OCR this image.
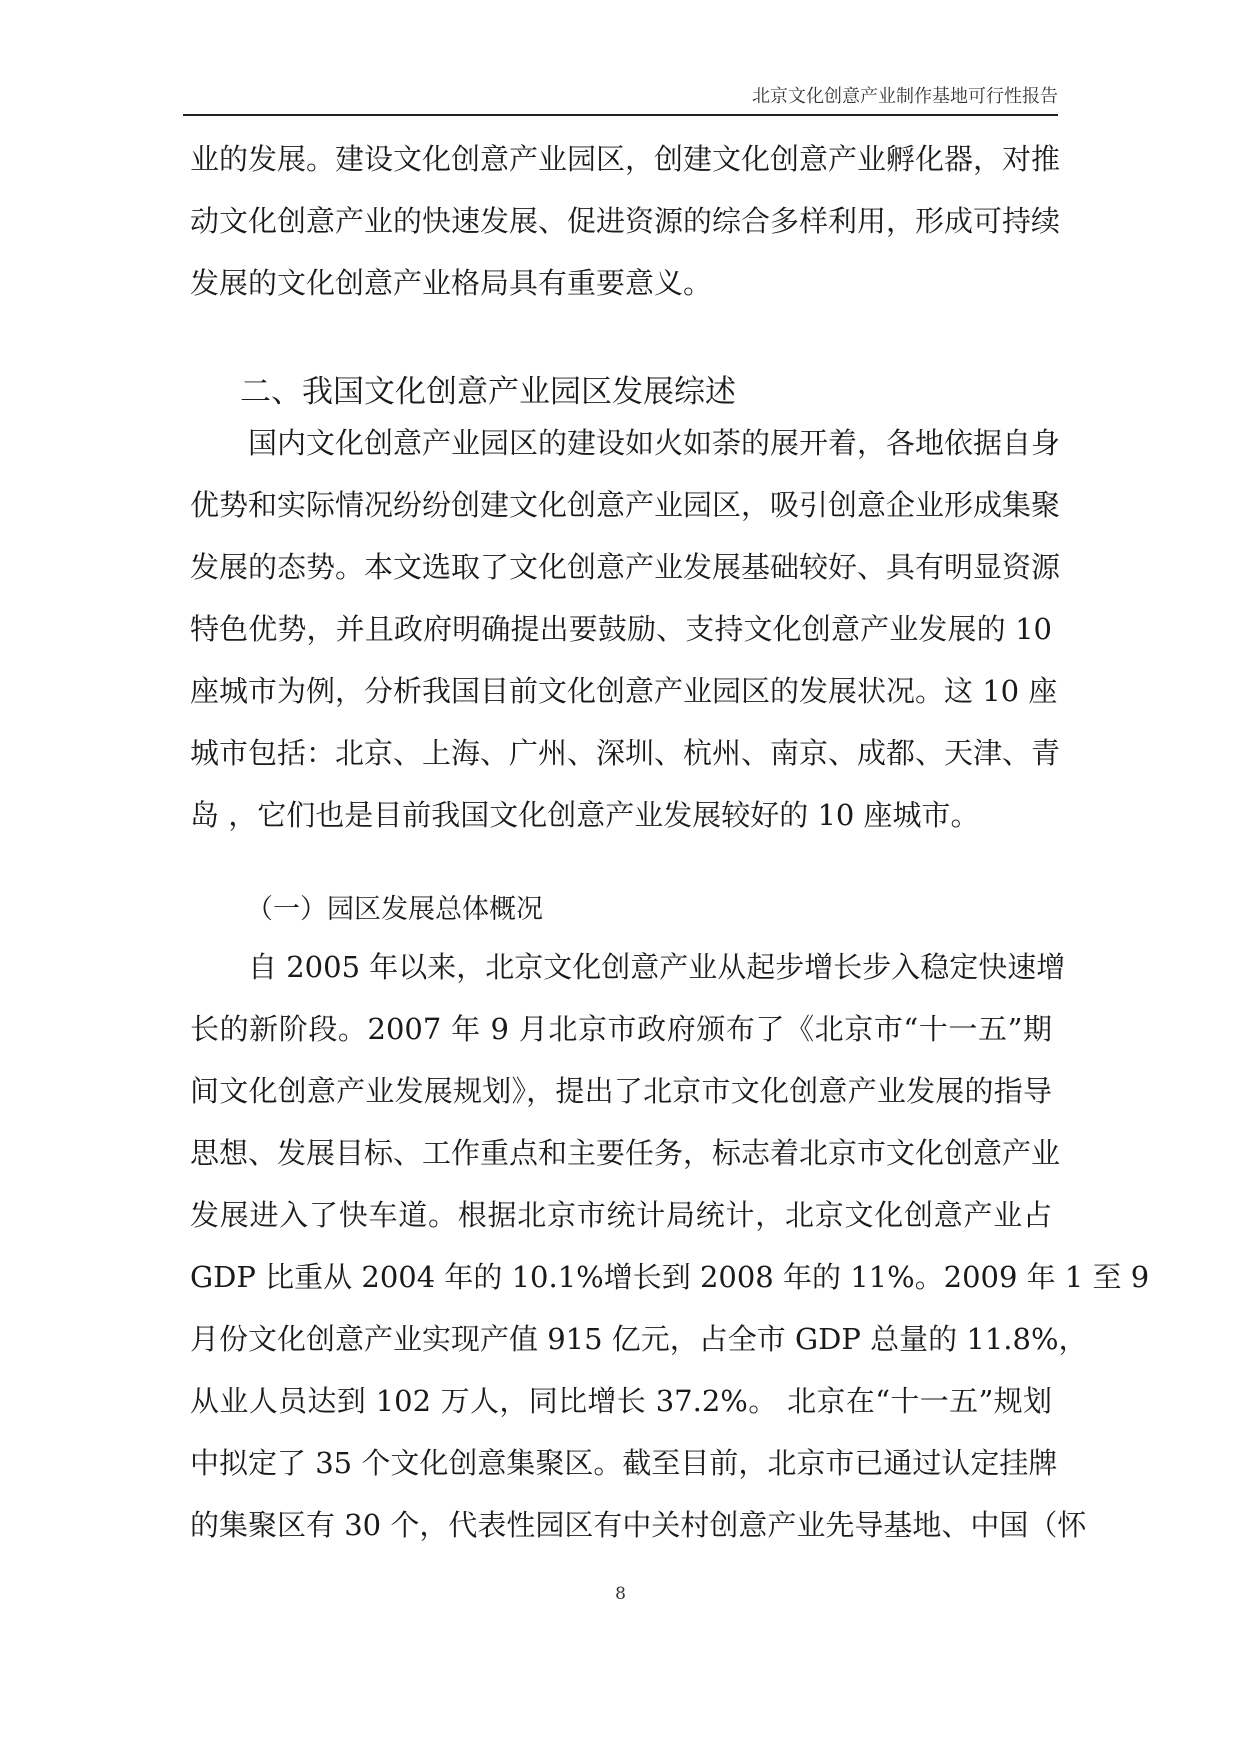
北京文化创意产业制作基地可行性报告
业的发展。建设文化创意产业园区，创建文化创意产业孵化器，对推
动文化创意产业的快速发展、促进资源的综合多样利用，形成可持续
发展的文化创意产业格局具有重要意义。
二、我国文化创意产业园区发展综述
　　国内文化创意产业园区的建设如火如荼的展开着，各地依据自身
优势和实际情况纷纷创建文化创意产业园区，吸引创意企业形成集聚
发展的态势。本文选取了文化创意产业发展基础较好、具有明显资源
特色优势，并且政府明确提出要鼓励、支持文化创意产业发展的 10
座城市为例，分析我国目前文化创意产业园区的发展状况。这 10 座
城市包括：北京、上海、广州、深圳、杭州、南京、成都、天津、青
岛 ，它们也是目前我国文化创意产业发展较好的 10 座城市。
（一）园区发展总体概况
　　自 2005 年以来，北京文化创意产业从起步增长步入稳定快速增
长的新阶段。2007 年 9 月北京市政府颁布了《北京市“十一五”期
间文化创意产业发展规划》，提出了北京市文化创意产业发展的指导
思想、发展目标、工作重点和主要任务，标志着北京市文化创意产业
发展进入了快车道。根据北京市统计局统计，北京文化创意产业占
GDP 比重从 2004 年的 10.1%增长到 2008 年的 11%。2009 年 1 至 9
月份文化创意产业实现产值 915 亿元，占全市 GDP 总量的 11.8%，
从业人员达到 102 万人，同比增长 37.2%。 北京在“十一五”规划
中拟定了 35 个文化创意集聚区。截至目前，北京市已通过认定挂牌
的集聚区有 30 个，代表性园区有中关村创意产业先导基地、中国（怀
8
